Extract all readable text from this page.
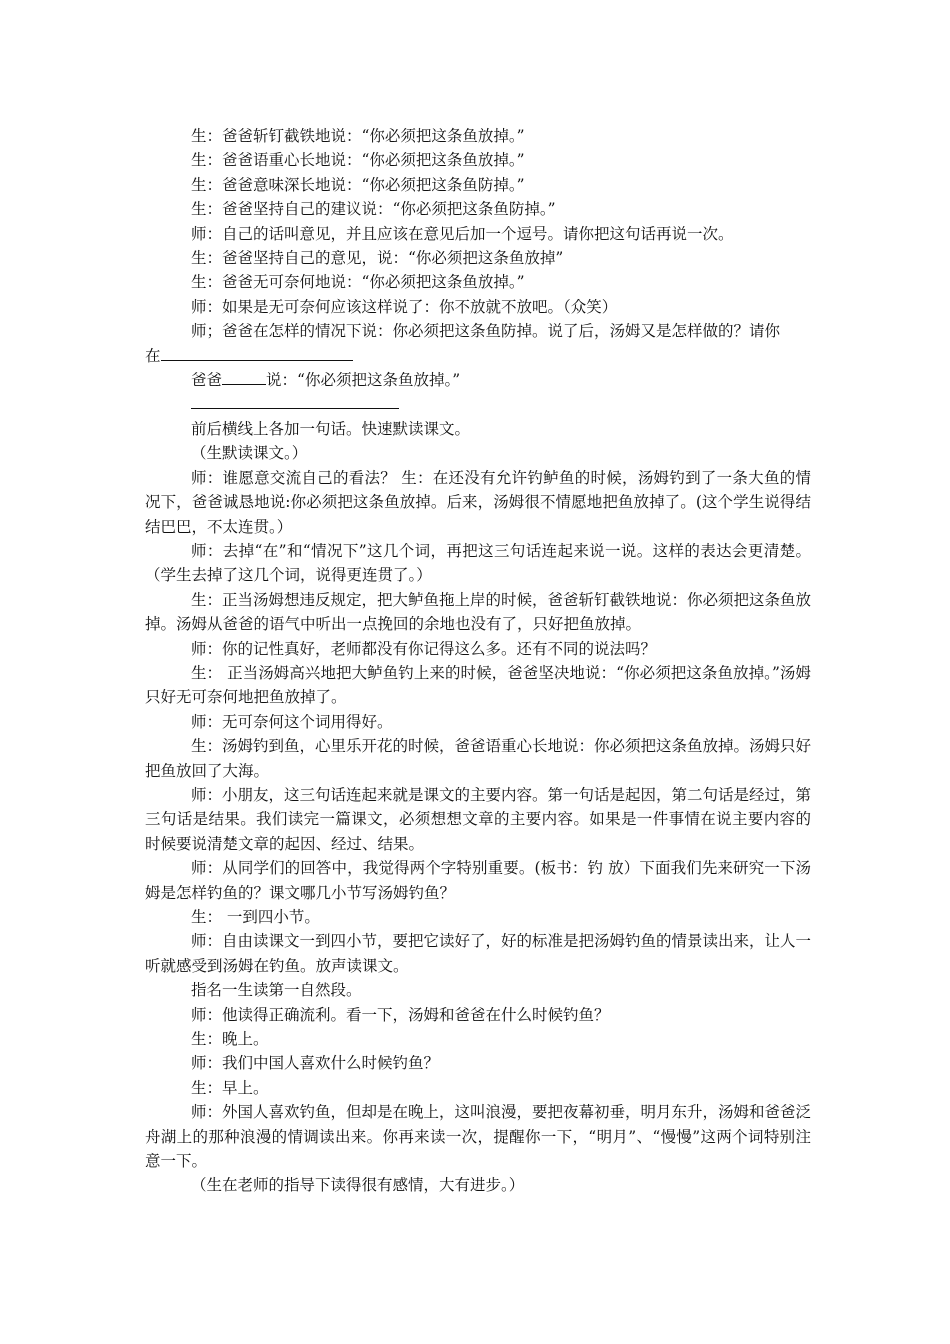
生：爸爸斩钉截铁地说：“你必须把这条鱼放掉。”

生：爸爸语重心长地说：“你必须把这条鱼放掉。”

生：爸爸意味深长地说：“你必须把这条鱼防掉。”

生：爸爸坚持自己的建议说：“你必须把这条鱼防掉。”

师：自己的话叫意见，并且应该在意见后加一个逗号。请你把这句话再说一次。

生：爸爸坚持自己的意见，说：“你必须把这条鱼放掉”

生：爸爸无可奈何地说：“你必须把这条鱼放掉。”

师：如果是无可奈何应该这样说了：你不放就不放吧。（众笑）

师；爸爸在怎样的情况下说：你必须把这条鱼防掉。说了后，汤姆又是怎样做的？请你

在

爸爸	说：“你必须把这条鱼放掉。”

前后横线上各加一句话。快速默读课文。

（生默读课文。）

师：谁愿意交流自己的看法？ 生：在还没有允许钓鲈鱼的时候，汤姆钓到了一条大鱼的情况下，爸爸诚恳地说:你必须把这条鱼放掉。后来，汤姆很不情愿地把鱼放掉了。(这个学生说得结结巴巴，不太连贯。）

师：去掉“在”和“情况下”这几个词，再把这三句话连起来说一说。这样的表达会更清楚。（学生去掉了这几个词，说得更连贯了。）

生：正当汤姆想违反规定，把大鲈鱼拖上岸的时候，爸爸斩钉截铁地说：你必须把这条鱼放掉。汤姆从爸爸的语气中听出一点挽回的余地也没有了，只好把鱼放掉。

师：你的记性真好，老师都没有你记得这么多。还有不同的说法吗？

生： 正当汤姆高兴地把大鲈鱼钓上来的时候，爸爸坚决地说：“你必须把这条鱼放掉。”汤姆只好无可奈何地把鱼放掉了。

师：无可奈何这个词用得好。

生：汤姆钓到鱼，心里乐开花的时候，爸爸语重心长地说：你必须把这条鱼放掉。汤姆只好把鱼放回了大海。

师：小朋友，这三句话连起来就是课文的主要内容。第一句话是起因，第二句话是经过，第三句话是结果。我们读完一篇课文，必须想想文章的主要内容。如果是一件事情在说主要内容的时候要说清楚文章的起因、经过、结果。

师：从同学们的回答中，我觉得两个字特别重要。(板书：钓 放）下面我们先来研究一下汤姆是怎样钓鱼的？课文哪几小节写汤姆钓鱼？

生： 一到四小节。

师：自由读课文一到四小节，要把它读好了，好的标准是把汤姆钓鱼的情景读出来，让人一听就感受到汤姆在钓鱼。放声读课文。

指名一生读第一自然段。

师：他读得正确流利。看一下，汤姆和爸爸在什么时候钓鱼？

生：晚上。

师：我们中国人喜欢什么时候钓鱼？

生：早上。

师：外国人喜欢钓鱼，但却是在晚上，这叫浪漫，要把夜幕初垂，明月东升，汤姆和爸爸泛舟湖上的那种浪漫的情调读出来。你再来读一次，提醒你一下，“明月”、“慢慢”这两个词特别注意一下。

（生在老师的指导下读得很有感情，大有进步。）
